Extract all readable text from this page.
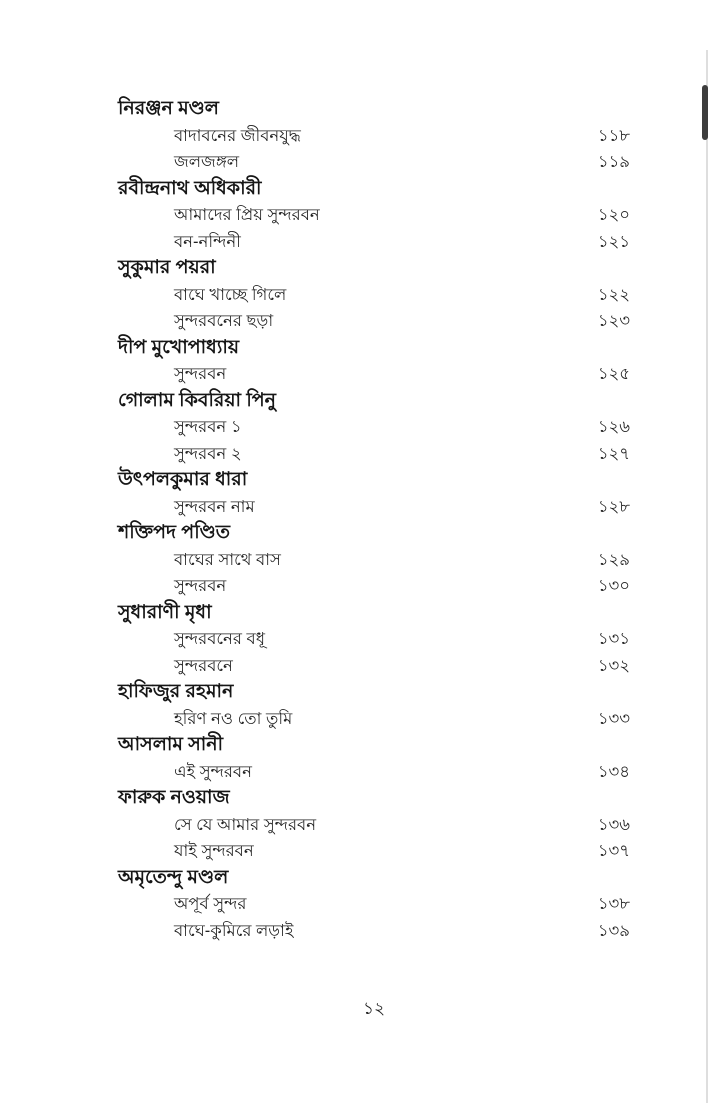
নিরঞ্জন মণ্ডল
বাদাবনের জীবনযুদ্ধ	১১৮
জলজঙ্গল	১১৯
রবীন্দ্রনাথ অধিকারী
আমাদের প্রিয় সুন্দরবন	১২০
বন-নন্দিনী	১২১
সুকুমার পয়রা
বাঘে খাচ্ছে গিলে	১২২
সুন্দরবনের ছড়া	১২৩
দীপ মুখোপাধ্যায়
সুন্দরবন	১২৫
গোলাম কিবরিয়া পিনু
সুন্দরবন ১	১২৬
সুন্দরবন ২	১২৭
উৎপলকুমার ধারা
সুন্দরবন নাম	১২৮
শক্তিপদ পণ্ডিত
বাঘের সাথে বাস	১২৯
সুন্দরবন	১৩০
সুধারাণী মৃধা
সুন্দরবনের বধূ	১৩১
সুন্দরবনে	১৩২
হাফিজুর রহমান
হরিণ নও তো তুমি	১৩৩
আসলাম সানী
এই সুন্দরবন	১৩৪
ফারুক নওয়াজ
সে যে আমার সুন্দরবন	১৩৬
যাই সুন্দরবন	১৩৭
অমৃতেন্দু মণ্ডল
অপূর্ব সুন্দর	১৩৮
বাঘে-কুমিরে লড়াই	১৩৯
১২
